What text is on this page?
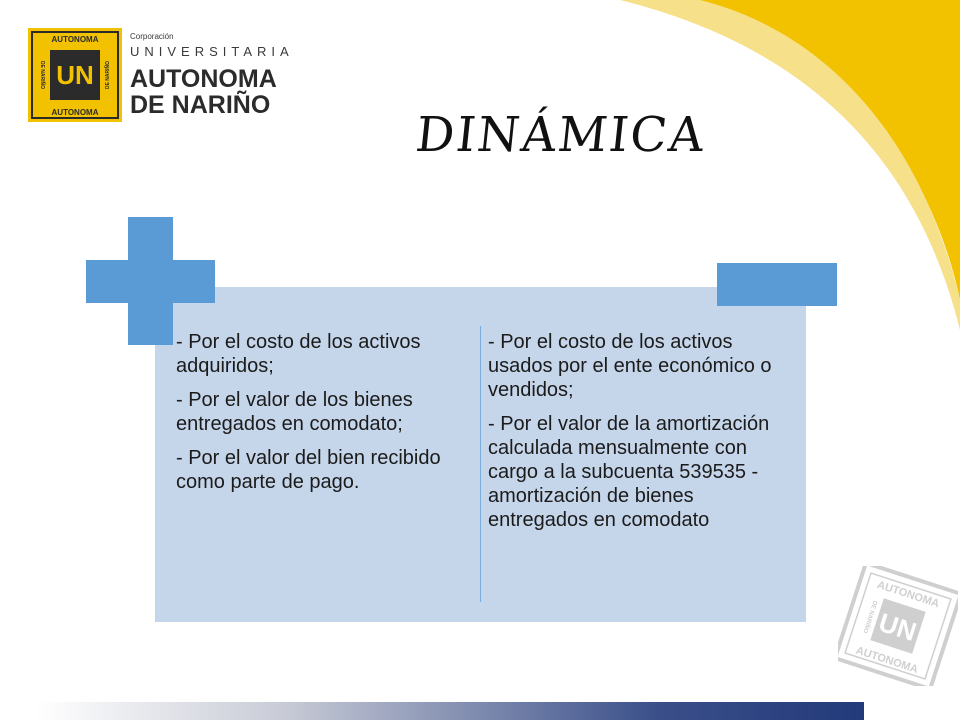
AUTONOMA
AUTONOMA
DE NARIÑO	DE NARIÑO
UN
Corporación
UNIVERSITARIA
AUTONOMA
DE NARIÑO
DINÁMICA

- Por el costo de los activos adquiridos;

- Por el valor de los bienes entregados en comodato;

- Por el valor del bien recibido como parte de pago.

- Por el costo de los activos usados por el ente económico o vendidos;

- Por el valor de la amortización calculada mensualmente con cargo a la subcuenta 539535 - amortización de bienes entregados en comodato

AUTONOMA
AUTONOMA
DE NARIÑO
UN
